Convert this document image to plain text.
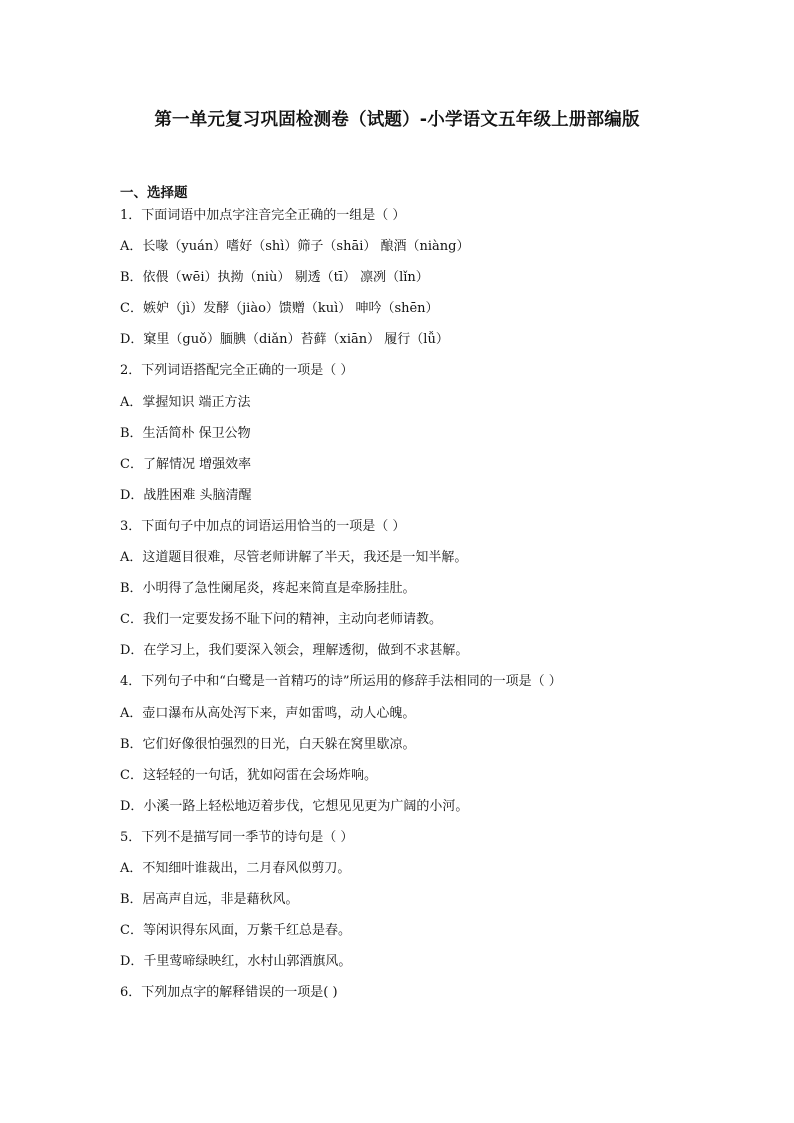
第一单元复习巩固检测卷（试题）-小学语文五年级上册部编版
一、选择题
1．下面词语中加点字注音完全正确的一组是（ ）
A．长喙（yuán）嗜好（shì）筛子（shāi） 酿酒（niàng）
B．依偎（wēi）执拗（niù） 剔透（tī） 凛冽（lǐn）
C．嫉妒（jì）发酵（jiào）馈赠（kuì） 呻吟（shēn）
D．窠里（guǒ）腼腆（diǎn）苔藓（xiān） 履行（lǚ）
2．下列词语搭配完全正确的一项是（ ）
A．掌握知识 端正方法
B．生活简朴 保卫公物
C．了解情况 增强效率
D．战胜困难 头脑清醒
3．下面句子中加点的词语运用恰当的一项是（ ）
A．这道题目很难，尽管老师讲解了半天，我还是一知半解。
B．小明得了急性阑尾炎，疼起来简直是牵肠挂肚。
C．我们一定要发扬不耻下问的精神，主动向老师请教。
D．在学习上，我们要深入领会，理解透彻，做到不求甚解。
4．下列句子中和“白鹭是一首精巧的诗”所运用的修辞手法相同的一项是（ ）
A．壶口瀑布从高处泻下来，声如雷鸣，动人心魄。
B．它们好像很怕强烈的日光，白天躲在窝里歇凉。
C．这轻轻的一句话，犹如闷雷在会场炸响。
D．小溪一路上轻松地迈着步伐，它想见见更为广阔的小河。
5．下列不是描写同一季节的诗句是（ ）
A．不知细叶谁裁出，二月春风似剪刀。
B．居高声自远，非是藉秋风。
C．等闲识得东风面，万紫千红总是春。
D．千里莺啼绿映红，水村山郭酒旗风。
6．下列加点字的解释错误的一项是( )
